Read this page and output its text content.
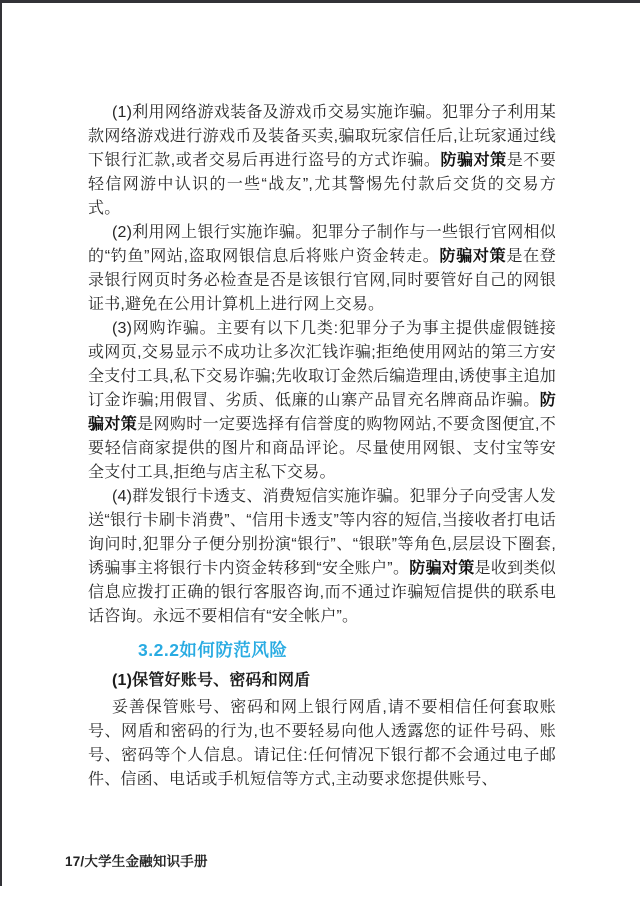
(1)利用网络游戏装备及游戏币交易实施诈骗。犯罪分子利用某款网络游戏进行游戏币及装备买卖,骗取玩家信任后,让玩家通过线下银行汇款,或者交易后再进行盗号的方式诈骗。防骗对策是不要轻信网游中认识的一些“战友”,尤其警惕先付款后交货的交易方式。

(2)利用网上银行实施诈骗。犯罪分子制作与一些银行官网相似的“钓鱼”网站,盗取网银信息后将账户资金转走。防骗对策是在登录银行网页时务必检查是否是该银行官网,同时要管好自己的网银证书,避免在公用计算机上进行网上交易。

(3)网购诈骗。主要有以下几类:犯罪分子为事主提供虚假链接或网页,交易显示不成功让多次汇钱诈骗;拒绝使用网站的第三方安全支付工具,私下交易诈骗;先收取订金然后编造理由,诱使事主追加订金诈骗;用假冒、劣质、低廉的山寨产品冒充名牌商品诈骗。防骗对策是网购时一定要选择有信誉度的购物网站,不要贪图便宜,不要轻信商家提供的图片和商品评论。尽量使用网银、支付宝等安全支付工具,拒绝与店主私下交易。

(4)群发银行卡透支、消费短信实施诈骗。犯罪分子向受害人发送“银行卡刷卡消费”、“信用卡透支”等内容的短信,当接收者打电话询问时,犯罪分子便分别扮演“银行”、“银联”等角色,层层设下圈套,诱骗事主将银行卡内资金转移到“安全账户”。防骗对策是收到类似信息应拨打正确的银行客服咨询,而不通过诈骗短信提供的联系电话咨询。永远不要相信有“安全帐户”。

3.2.2如何防范风险
(1)保管好账号、密码和网盾

妥善保管账号、密码和网上银行网盾,请不要相信任何套取账号、网盾和密码的行为,也不要轻易向他人透露您的证件号码、账号、密码等个人信息。请记住:任何情况下银行都不会通过电子邮件、信函、电话或手机短信等方式,主动要求您提供账号、

17/大学生金融知识手册
